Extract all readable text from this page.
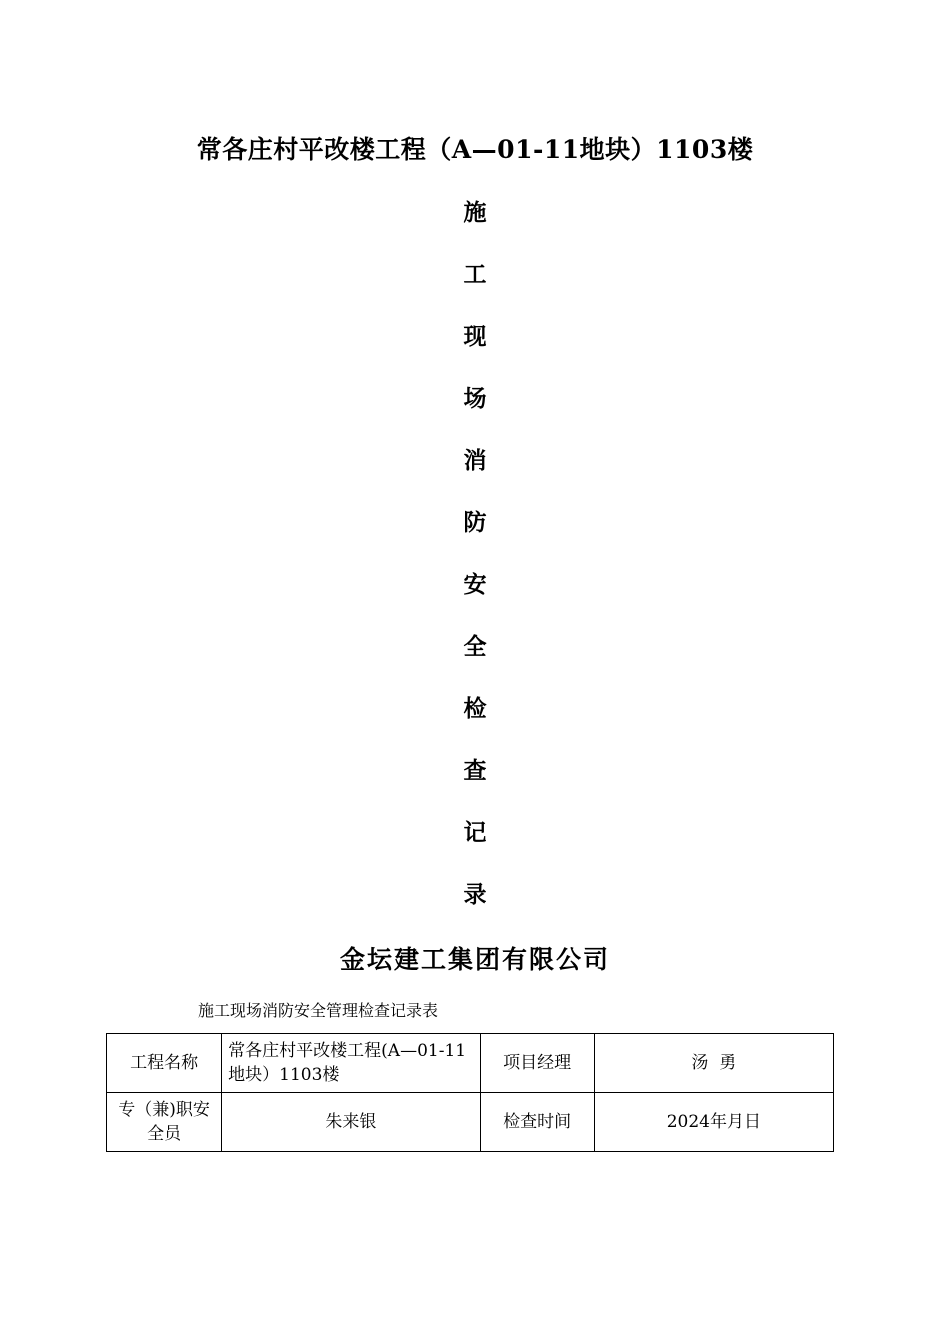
常各庄村平改楼工程（A—01-11地块）1103楼
施
工
现
场
消
防
安
全
检
查
记
录
金坛建工集团有限公司
施工现场消防安全管理检查记录表
工程名称	常各庄村平改楼工程(A—01-11地块）1103楼	项目经理	汤  勇
专（兼)职安全员	朱来银	检查时间	2024年月日
